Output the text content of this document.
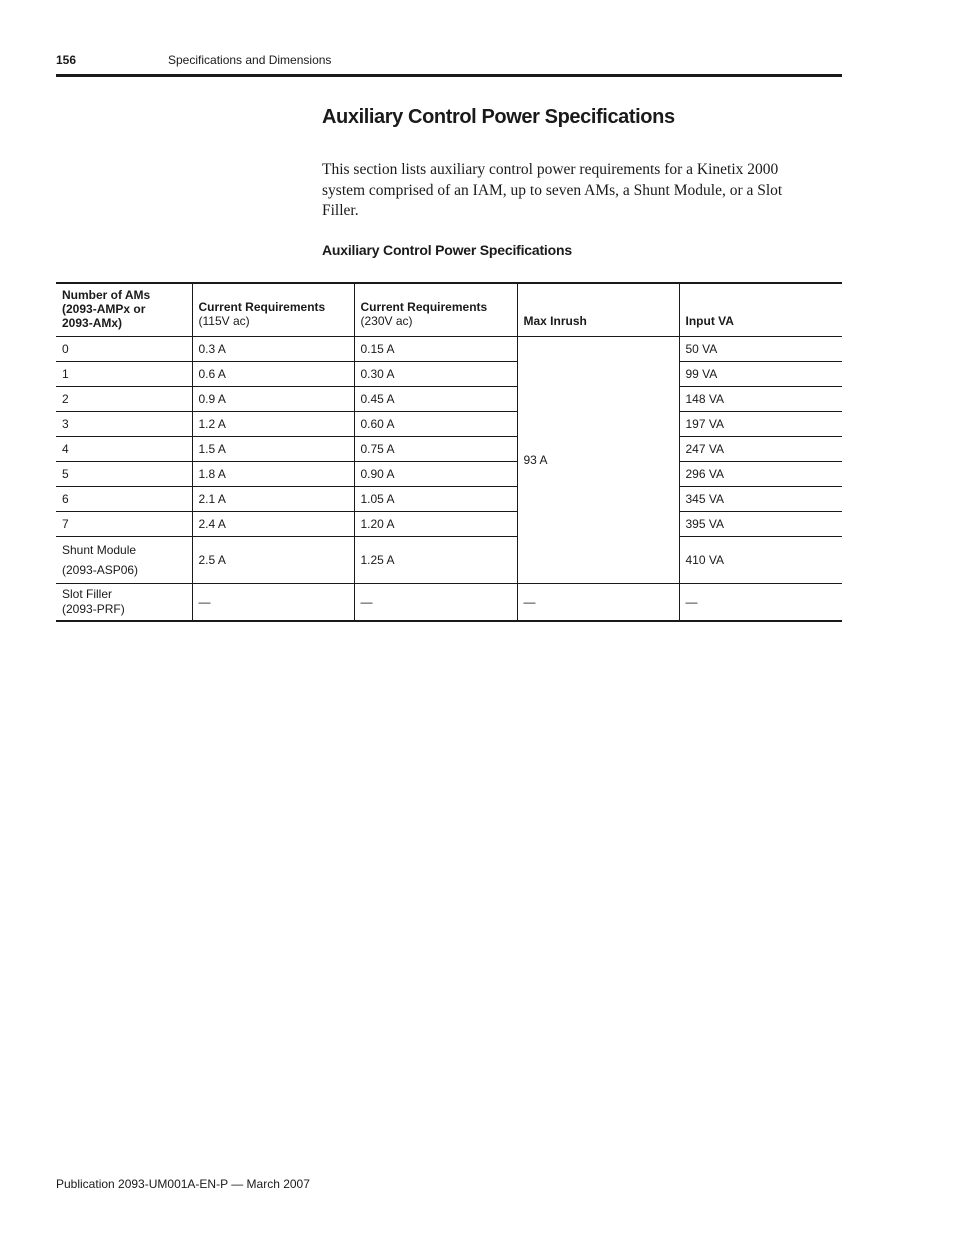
156	Specifications and Dimensions
Auxiliary Control Power Specifications

This section lists auxiliary control power requirements for a Kinetix 2000 system comprised of an IAM, up to seven AMs, a Shunt Module, or a Slot Filler.

Auxiliary Control Power Specifications

Number of AMs
(2093-AMPx or
2093-AMx)	Current Requirements
(115V ac)	Current Requirements
(230V ac)	Max Inrush	Input VA

0	0.3 A	0.15 A	93 A	50 VA
1	0.6 A	0.30 A		99 VA
2	0.9 A	0.45 A		148 VA
3	1.2 A	0.60 A		197 VA
4	1.5 A	0.75 A		247 VA
5	1.8 A	0.90 A		296 VA
6	2.1 A	1.05 A		345 VA
7	2.4 A	1.20 A		395 VA

Shunt Module
(2093-ASP06)	2.5 A	1.25 A		410 VA

Slot Filler
(2093-PRF)	—	—	—	—
Publication 2093-UM001A-EN-P — March 2007
